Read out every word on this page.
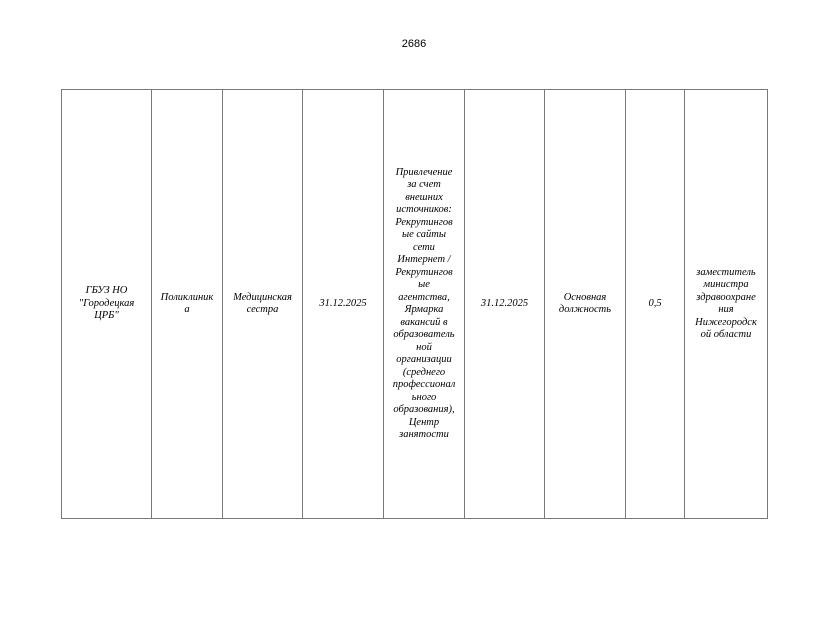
2686
ГБУЗ НО
"Городецкая
ЦРБ"	Поликлиник
а	Медицинская
сестра	31.12.2025	Привлечение
за счет
внешних
источников:
Рекрутингов
ые сайты
сети
Интернет /
Рекрутингов
ые
агентства,
Ярмарка
вакансий в
образователь
ной
организации
(среднего
профессионал
ьного
образования),
Центр
занятости	31.12.2025	Основная
должность	0,5	заместитель
министра
здравоохране
ния
Нижегородск
ой области
